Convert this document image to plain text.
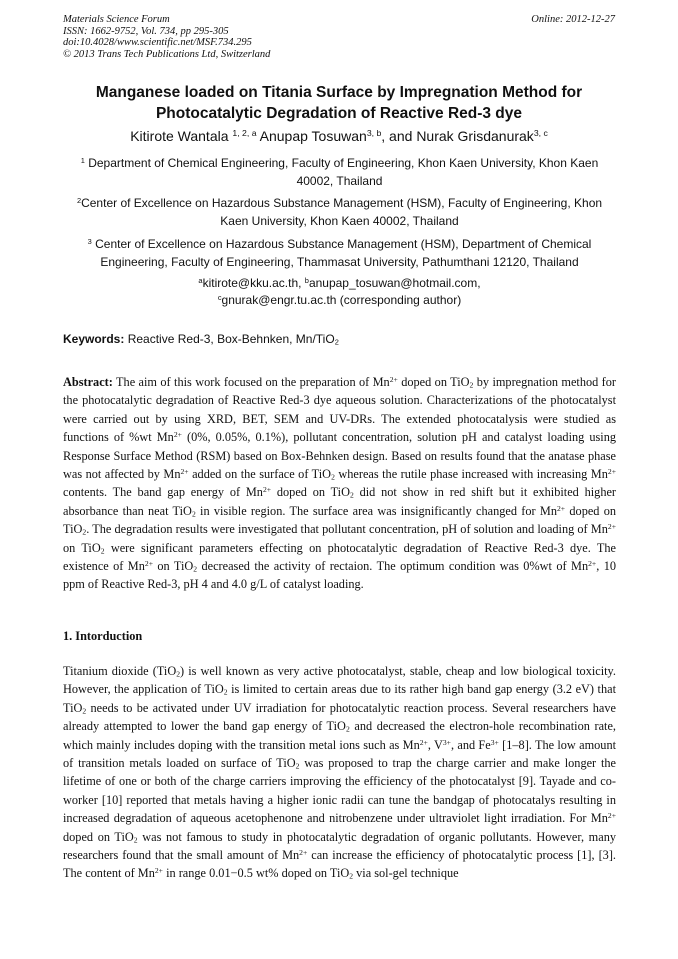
Materials Science Forum
ISSN: 1662-9752, Vol. 734, pp 295-305
doi:10.4028/www.scientific.net/MSF.734.295
© 2013 Trans Tech Publications Ltd, Switzerland
Online: 2012-12-27
Manganese loaded on Titania Surface by Impregnation Method for
Photocatalytic Degradation of Reactive Red-3 dye
Kitirote Wantala $^{1, 2, a}$ Anupap Tosuwan$^{3, b}$, and Nurak Grisdanurak$^{3, c}$
$^1$ Department of Chemical Engineering, Faculty of Engineering, Khon Kaen University, Khon Kaen 40002, Thailand
$^2$Center of Excellence on Hazardous Substance Management (HSM), Faculty of Engineering, Khon Kaen University, Khon Kaen 40002, Thailand
$^3$ Center of Excellence on Hazardous Substance Management (HSM), Department of Chemical Engineering, Faculty of Engineering, Thammasat University, Pathumthani 12120, Thailand
$^a$kitirote@kku.ac.th, $^b$anupap_tosuwan@hotmail.com,
$^c$gnurak@engr.tu.ac.th (corresponding author)
Keywords: Reactive Red-3, Box-Behnken, Mn/TiO$_2$
Abstract: The aim of this work focused on the preparation of $Mn^{2+}$ doped on TiO$_2$ by impregnation method for the photocatalytic degradation of Reactive Red-3 dye aqueous solution. Characterizations of the photocatalyst were carried out by using XRD, BET, SEM and UV-DRs. The extended photocatalysis were studied as functions of %wt $Mn^{2+}$ (0%, 0.05%, 0.1%), pollutant concentration, solution pH and catalyst loading using Response Surface Method (RSM) based on Box-Behnken design. Based on results found that the anatase phase was not affected by $Mn^{2+}$ added on the surface of TiO$_2$ whereas the rutile phase increased with increasing $Mn^{2+}$ contents. The band gap energy of $Mn^{2+}$ doped on TiO$_2$ did not show in red shift but it exhibited higher absorbance than neat TiO$_2$ in visible region. The surface area was insignificantly changed for $Mn^{2+}$ doped on TiO$_2$. The degradation results were investigated that pollutant concentration, pH of solution and loading of $Mn^{2+}$ on TiO$_2$ were significant parameters effecting on photocatalytic degradation of Reactive Red-3 dye. The existence of $Mn^{2+}$ on TiO$_2$ decreased the activity of rectaion. The optimum condition was 0%wt of $Mn^{2+}$, 10 ppm of Reactive Red-3, pH 4 and 4.0 g/L of catalyst loading.
1. Intorduction
Titanium dioxide (TiO$_2$) is well known as very active photocatalyst, stable, cheap and low biological toxicity. However, the application of TiO$_2$ is limited to certain areas due to its rather high band gap energy (3.2 eV) that TiO$_2$ needs to be activated under UV irradiation for photocatalytic reaction process. Several researchers have already attempted to lower the band gap energy of TiO$_2$ and decreased the electron-hole recombination rate, which mainly includes doping with the transition metal ions such as $Mn^{2+}$, $V^{3+}$, and $Fe^{3+}$ [1–8]. The low amount of transition metals loaded on surface of TiO$_2$ was proposed to trap the charge carrier and make longer the lifetime of one or both of the charge carriers improving the efficiency of the photocatalyst [9]. Tayade and co-worker [10] reported that metals having a higher ionic radii can tune the bandgap of photocatalys resulting in increased degradation of aqueous acetophenone and nitrobenzene under ultraviolet light irradiation. For $Mn^{2+}$ doped on TiO$_2$ was not famous to study in photocatalytic degradation of organic pollutants. However, many researchers found that the small amount of $Mn^{2+}$ can increase the efficiency of photocatalytic process [1], [3]. The content of $Mn^{2+}$ in range 0.01−0.5 wt% doped on TiO$_2$ via sol-gel technique
